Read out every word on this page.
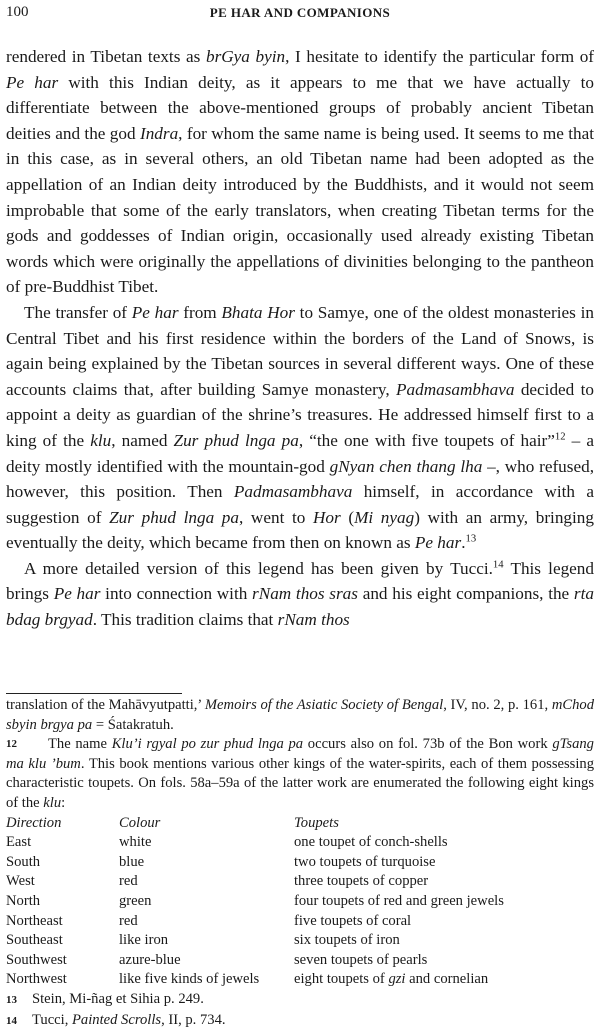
100	PE HAR AND COMPANIONS

rendered in Tibetan texts as brGya byin, I hesitate to identify the particular form of Pe har with this Indian deity, as it appears to me that we have actually to differentiate between the above-mentioned groups of probably ancient Tibetan deities and the god Indra, for whom the same name is being used. It seems to me that in this case, as in several others, an old Tibetan name had been adopted as the appellation of an Indian deity introduced by the Buddhists, and it would not seem improbable that some of the early translators, when creating Tibetan terms for the gods and goddesses of Indian origin, occasionally used already existing Tibetan words which were originally the appellations of divinities belonging to the pantheon of pre-Buddhist Tibet.

The transfer of Pe har from Bhata Hor to Samye, one of the oldest monasteries in Central Tibet and his first residence within the borders of the Land of Snows, is again being explained by the Tibetan sources in several different ways. One of these accounts claims that, after building Samye monastery, Padmasambhava decided to appoint a deity as guardian of the shrine’s treasures. He addressed himself first to a king of the klu, named Zur phud lnga pa, “the one with five toupets of hair”$^{12}$ – a deity mostly identified with the mountain-god gNyan chen thang lha –, who refused, however, this position. Then Padmasambhava himself, in accordance with a suggestion of Zur phud lnga pa, went to Hor (Mi nyag) with an army, bringing eventually the deity, which became from then on known as Pe har.$^{13}$

A more detailed version of this legend has been given by Tucci.$^{14}$ This legend brings Pe har into connection with rNam thos sras and his eight companions, the rta bdag brgyad. This tradition claims that rNam thos

translation of the Mahāvyutpatti,’ Memoirs of the Asiatic Society of Bengal, IV, no. 2, p. 161, mChod sbyin brgya pa = Śatakratuh.

12 The name Klu’i rgyal po zur phud lnga pa occurs also on fol. 73b of the Bon work gTsang ma klu ’bum. This book mentions various other kings of the water-spirits, each of them possessing characteristic toupets. On fols. 58a–59a of the latter work are enumerated the following eight kings of the klu:

Direction	Colour	Toupets
East	white	one toupet of conch-shells
South	blue	two toupets of turquoise
West	red	three toupets of copper
North	green	four toupets of red and green jewels
Northeast	red	five toupets of coral
Southeast	like iron	six toupets of iron
Southwest	azure-blue	seven toupets of pearls
Northwest	like five kinds of jewels	eight toupets of gzi and cornelian

13 Stein, Mi-ñag et Sihia p. 249.

14 Tucci, Painted Scrolls, II, p. 734.
